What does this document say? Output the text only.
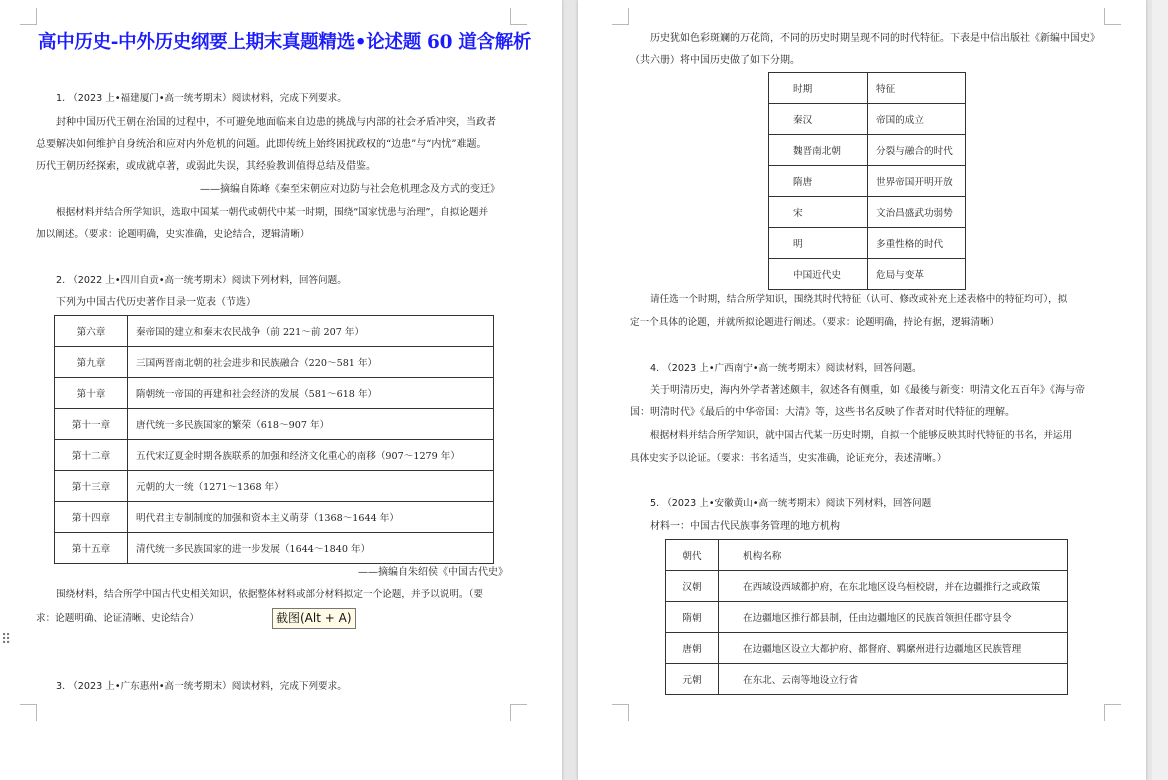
高中历史-中外历史纲要上期末真题精选•论述题 60 道含解析
1. （2023 上•福建厦门•高一统考期末）阅读材料，完成下列要求。
封种中国历代王朝在治国的过程中，不可避免地面临来自边患的挑战与内部的社会矛盾冲突，当政者
总要解决如何维护自身统治和应对内外危机的问题。此即传统上始终困扰政权的“边患”与“内忧”难题。
历代王朝历经探索，或成就卓著，或弱此失误，其经验教训值得总结及借鉴。
——摘编自陈峰《秦至宋朝应对边防与社会危机理念及方式的变迁》
根据材料并结合所学知识，选取中国某一朝代或朝代中某一时期，围绕“国家忧患与治理”，自拟论题并
加以阐述。（要求：论题明确，史实准确，史论结合，逻辑清晰）
2. （2022 上•四川自贡•高一统考期末）阅读下列材料，回答问题。
下列为中国古代历史著作目录一览表（节选）
第六章	秦帝国的建立和秦末农民战争（前 221～前 207 年）
第九章	三国两晋南北朝的社会进步和民族融合（220～581 年）
第十章	隋朝统一帝国的再建和社会经济的发展（581～618 年）
第十一章	唐代统一多民族国家的繁荣（618～907 年）
第十二章	五代宋辽夏金时期各族联系的加强和经济文化重心的南移（907～1279 年）
第十三章	元朝的大一统（1271～1368 年）
第十四章	明代君主专制制度的加强和资本主义萌芽（1368～1644 年）
第十五章	清代统一多民族国家的进一步发展（1644～1840 年）
——摘编自朱绍侯《中国古代史》
围绕材料，结合所学中国古代史相关知识，依据整体材料或部分材料拟定一个论题，并予以说明。（要
求：论题明确、论证清晰、史论结合）	截图(Alt + A)
⠿
3. （2023 上•广东惠州•高一统考期末）阅读材料，完成下列要求。
历史犹如色彩斑斓的万花筒，不同的历史时期呈现不同的时代特征。下表是中信出版社《新编中国史》
（共六册）将中国历史做了如下分期。
时期	特征
秦汉	帝国的成立
魏晋南北朝	分裂与融合的时代
隋唐	世界帝国开明开放
宋	文治昌盛武功弱势
明	多重性格的时代
中国近代史	危局与变革
请任选一个时期，结合所学知识，围绕其时代特征（认可、修改或补充上述表格中的特征均可），拟
定一个具体的论题，并就所拟论题进行阐述。（要求：论题明确，持论有据，逻辑清晰）
4. （2023 上•广西南宁•高一统考期末）阅读材料，回答问题。
关于明清历史，海内外学者著述颇丰，叙述各有侧重，如《最後与新变：明清文化五百年》《海与帝
国：明清时代》《最后的中华帝国：大清》等，这些书名反映了作者对时代特征的理解。
根据材料并结合所学知识，就中国古代某一历史时期，自拟一个能够反映其时代特征的书名，并运用
具体史实予以论证。（要求：书名适当，史实准确，论证充分，表述清晰。）
5. （2023 上•安徽黄山•高一统考期末）阅读下列材料，回答问题
材料一：中国古代民族事务管理的地方机构
朝代	机构名称
汉朝	在西域设西域都护府，在东北地区设乌桓校尉，并在边疆推行之或政策
隋朝	在边疆地区推行都县制，任由边疆地区的民族首领担任郡守县令
唐朝	在边疆地区设立大都护府、都督府、羁縻州进行边疆地区民族管理
元朝	在东北、云南等地设立行省
